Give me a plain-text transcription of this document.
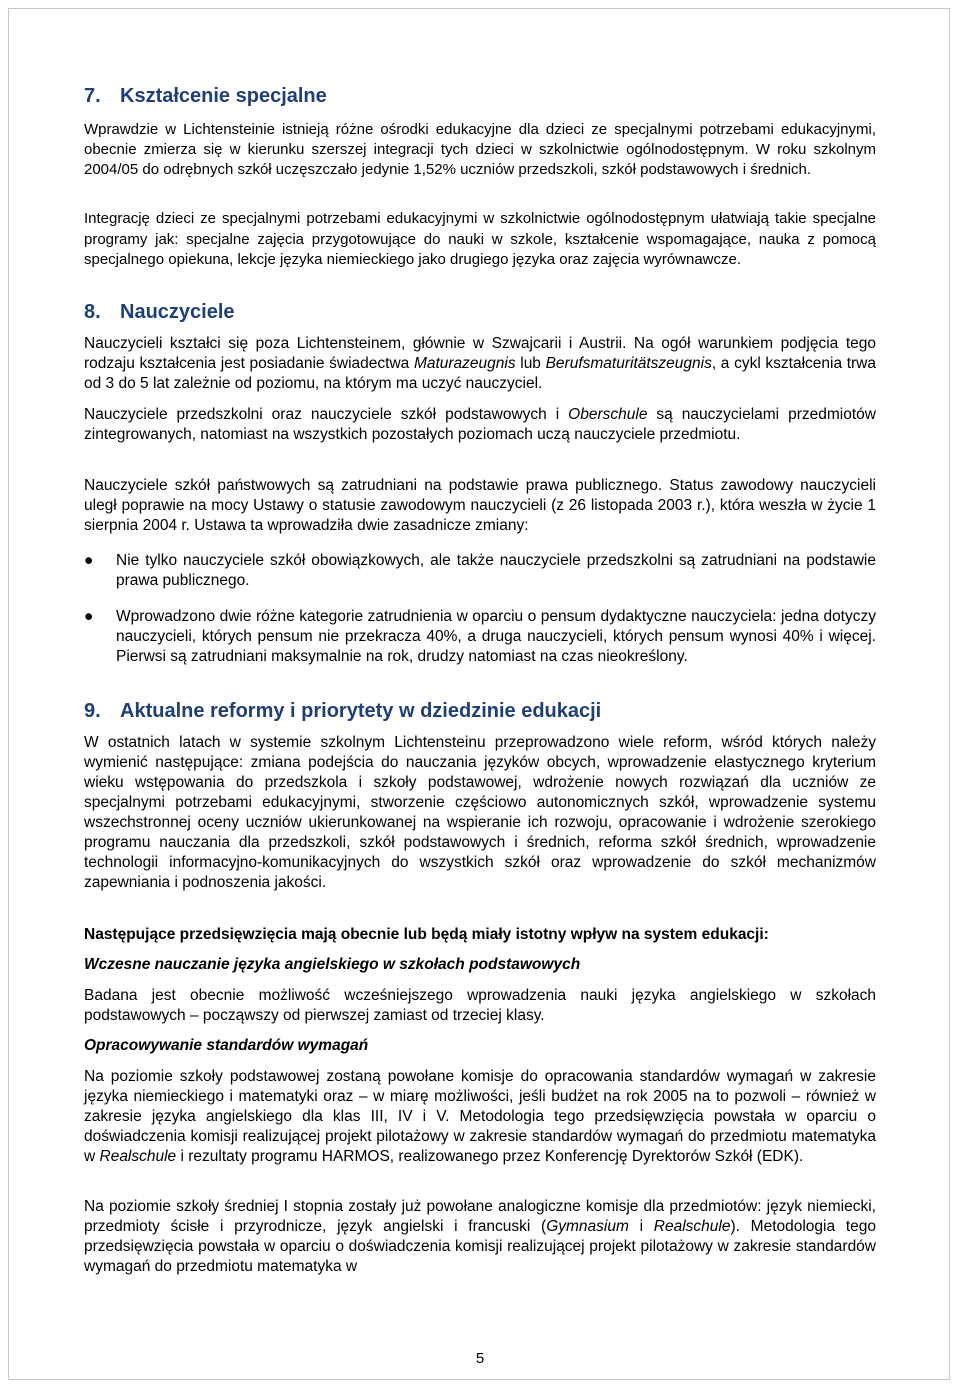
7. Kształcenie specjalne

Wprawdzie w Lichtensteinie istnieją różne ośrodki edukacyjne dla dzieci ze specjalnymi potrzebami edukacyjnymi, obecnie zmierza się w kierunku szerszej integracji tych dzieci w szkolnictwie ogólnodostępnym. W roku szkolnym 2004/05 do odrębnych szkół uczęszczało jedynie 1,52% uczniów przedszkoli, szkół podstawowych i średnich.

Integrację dzieci ze specjalnymi potrzebami edukacyjnymi w szkolnictwie ogólnodostępnym ułatwiają takie specjalne programy jak: specjalne zajęcia przygotowujące do nauki w szkole, kształcenie wspomagające, nauka z pomocą specjalnego opiekuna, lekcje języka niemieckiego jako drugiego języka oraz zajęcia wyrównawcze.

8. Nauczyciele

Nauczycieli kształci się poza Lichtensteinem, głównie w Szwajcarii i Austrii. Na ogół warunkiem podjęcia tego rodzaju kształcenia jest posiadanie świadectwa Maturazeugnis lub Berufsmaturitätszeugnis, a cykl kształcenia trwa od 3 do 5 lat zależnie od poziomu, na którym ma uczyć nauczyciel.

Nauczyciele przedszkolni oraz nauczyciele szkół podstawowych i Oberschule są nauczycielami przedmiotów zintegrowanych, natomiast na wszystkich pozostałych poziomach uczą nauczyciele przedmiotu.

Nauczyciele szkół państwowych są zatrudniani na podstawie prawa publicznego. Status zawodowy nauczycieli uległ poprawie na mocy Ustawy o statusie zawodowym nauczycieli (z 26 listopada 2003 r.), która weszła w życie 1 sierpnia 2004 r. Ustawa ta wprowadziła dwie zasadnicze zmiany:

● Nie tylko nauczyciele szkół obowiązkowych, ale także nauczyciele przedszkolni są zatrudniani na podstawie prawa publicznego.
● Wprowadzono dwie różne kategorie zatrudnienia w oparciu o pensum dydaktyczne nauczyciela: jedna dotyczy nauczycieli, których pensum nie przekracza 40%, a druga nauczycieli, których pensum wynosi 40% i więcej. Pierwsi są zatrudniani maksymalnie na rok, drudzy natomiast na czas nieokreślony.
9. Aktualne reformy i priorytety w dziedzinie edukacji

W ostatnich latach w systemie szkolnym Lichtensteinu przeprowadzono wiele reform, wśród których należy wymienić następujące: zmiana podejścia do nauczania języków obcych, wprowadzenie elastycznego kryterium wieku wstępowania do przedszkola i szkoły podstawowej, wdrożenie nowych rozwiązań dla uczniów ze specjalnymi potrzebami edukacyjnymi, stworzenie częściowo autonomicznych szkół, wprowadzenie systemu wszechstronnej oceny uczniów ukierunkowanej na wspieranie ich rozwoju, opracowanie i wdrożenie szerokiego programu nauczania dla przedszkoli, szkół podstawowych i średnich, reforma szkół średnich, wprowadzenie technologii informacyjno-komunikacyjnych do wszystkich szkół oraz wprowadzenie do szkół mechanizmów zapewniania i podnoszenia jakości.

Następujące przedsięwzięcia mają obecnie lub będą miały istotny wpływ na system edukacji:

Wczesne nauczanie języka angielskiego w szkołach podstawowych

Badana jest obecnie możliwość wcześniejszego wprowadzenia nauki języka angielskiego w szkołach podstawowych – począwszy od pierwszej zamiast od trzeciej klasy.

Opracowywanie standardów wymagań

Na poziomie szkoły podstawowej zostaną powołane komisje do opracowania standardów wymagań w zakresie języka niemieckiego i matematyki oraz – w miarę możliwości, jeśli budżet na rok 2005 na to pozwoli – również w zakresie języka angielskiego dla klas III, IV i V. Metodologia tego przedsięwzięcia powstała w oparciu o doświadczenia komisji realizującej projekt pilotażowy w zakresie standardów wymagań do przedmiotu matematyka w Realschule i rezultaty programu HARMOS, realizowanego przez Konferencję Dyrektorów Szkół (EDK).

Na poziomie szkoły średniej I stopnia zostały już powołane analogiczne komisje dla przedmiotów: język niemiecki, przedmioty ścisłe i przyrodnicze, język angielski i francuski (Gymnasium i Realschule). Metodologia tego przedsięwzięcia powstała w oparciu o doświadczenia komisji realizującej projekt pilotażowy w zakresie standardów wymagań do przedmiotu matematyka w

5
